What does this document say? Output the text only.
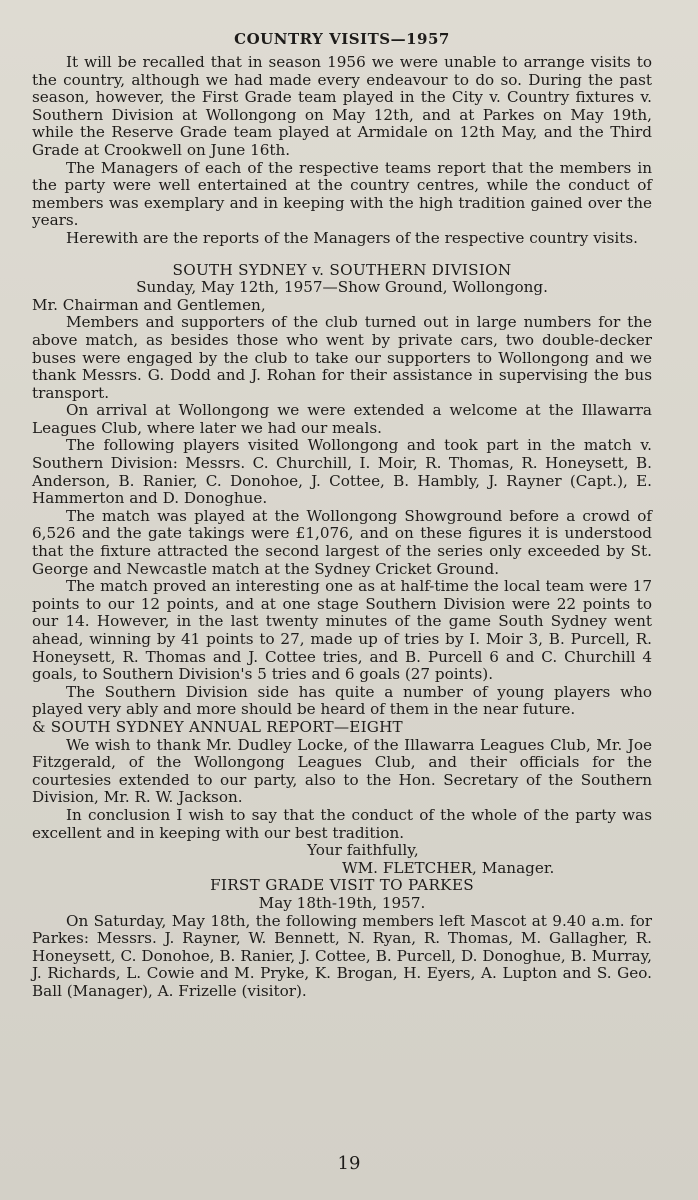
COUNTRY VISITS—1957

It will be recalled that in season 1956 we were unable to arrange visits to the country, although we had made every endeavour to do so. During the past season, however, the First Grade team played in the City v. Country fixtures v. Southern Division at Wollongong on May 12th, and at Parkes on May 19th, while the Reserve Grade team played at Armidale on 12th May, and the Third Grade at Crookwell on June 16th.

The Managers of each of the respective teams report that the members in the party were well entertained at the country centres, while the conduct of members was exemplary and in keeping with the high tradition gained over the years.

Herewith are the reports of the Managers of the respective country visits.

SOUTH SYDNEY v. SOUTHERN DIVISION
Sunday, May 12th, 1957—Show Ground, Wollongong.

Mr. Chairman and Gentlemen,

Members and supporters of the club turned out in large numbers for the above match, as besides those who went by private cars, two double-decker buses were engaged by the club to take our supporters to Wollongong and we thank Messrs. G. Dodd and J. Rohan for their assistance in supervising the bus transport.

On arrival at Wollongong we were extended a welcome at the Illawarra Leagues Club, where later we had our meals.

The following players visited Wollongong and took part in the match v. Southern Division: Messrs. C. Churchill, I. Moir, R. Thomas, R. Honeysett, B. Anderson, B. Ranier, C. Donohoe, J. Cottee, B. Hambly, J. Rayner (Capt.), E. Hammerton and D. Donoghue.

The match was played at the Wollongong Showground before a crowd of 6,526 and the gate takings were £1,076, and on these figures it is understood that the fixture attracted the second largest of the series only exceeded by St. George and Newcastle match at the Sydney Cricket Ground.

The match proved an interesting one as at half-time the local team were 17 points to our 12 points, and at one stage Southern Division were 22 points to our 14. However, in the last twenty minutes of the game South Sydney went ahead, winning by 41 points to 27, made up of tries by I. Moir 3, B. Purcell, R. Honeysett, R. Thomas and J. Cottee tries, and B. Purcell 6 and C. Churchill 4 goals, to Southern Division's 5 tries and 6 goals (27 points).

The Southern Division side has quite a number of young players who played very ably and more should be heard of them in the near future.

& SOUTH SYDNEY ANNUAL REPORT—EIGHT

We wish to thank Mr. Dudley Locke, of the Illawarra Leagues Club, Mr. Joe Fitzgerald, of the Wollongong Leagues Club, and their officials for the courtesies extended to our party, also to the Hon. Secretary of the Southern Division, Mr. R. W. Jackson.

In conclusion I wish to say that the conduct of the whole of the party was excellent and in keeping with our best tradition.

Your faithfully,
WM. FLETCHER, Manager.
FIRST GRADE VISIT TO PARKES
May 18th-19th, 1957.

On Saturday, May 18th, the following members left Mascot at 9.40 a.m. for Parkes: Messrs. J. Rayner, W. Bennett, N. Ryan, R. Thomas, M. Gallagher, R. Honeysett, C. Donohoe, B. Ranier, J. Cottee, B. Purcell, D. Donoghue, B. Murray, J. Richards, L. Cowie and M. Pryke, K. Brogan, H. Eyers, A. Lupton and S. Geo. Ball (Manager), A. Frizelle (visitor).

19
